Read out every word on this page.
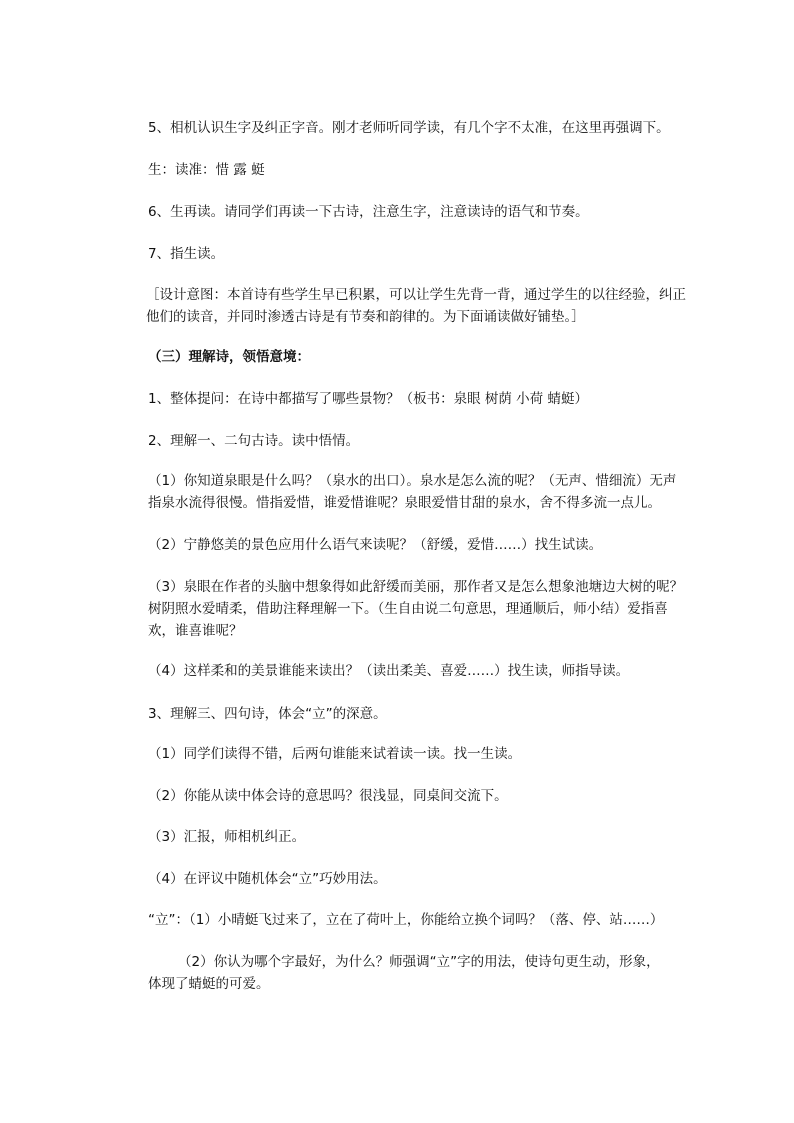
5、相机认识生字及纠正字音。刚才老师听同学读，有几个字不太准，在这里再强调下。

生：读准：惜 露 蜓

6、生再读。请同学们再读一下古诗，注意生字，注意读诗的语气和节奏。

7、指生读。

［设计意图：本首诗有些学生早已积累，可以让学生先背一背，通过学生的以往经验，纠正他们的读音，并同时渗透古诗是有节奏和韵律的。为下面诵读做好铺垫。］

（三）理解诗，领悟意境：

1、整体提问：在诗中都描写了哪些景物？（板书：泉眼 树荫 小荷 蜻蜓）

2、理解一、二句古诗。读中悟情。

（1）你知道泉眼是什么吗？（泉水的出口）。泉水是怎么流的呢？（无声、惜细流）无声指泉水流得很慢。惜指爱惜，谁爱惜谁呢？泉眼爱惜甘甜的泉水，舍不得多流一点儿。

（2）宁静悠美的景色应用什么语气来读呢？（舒缓，爱惜……）找生试读。

（3）泉眼在作者的头脑中想象得如此舒缓而美丽，那作者又是怎么想象池塘边大树的呢？树阴照水爱晴柔，借助注释理解一下。（生自由说二句意思，理通顺后，师小结）爱指喜欢，谁喜谁呢？

（4）这样柔和的美景谁能来读出？（读出柔美、喜爱……）找生读，师指导读。

3、理解三、四句诗，体会“立”的深意。

（1）同学们读得不错，后两句谁能来试着读一读。找一生读。

（2）你能从读中体会诗的意思吗？很浅显，同桌间交流下。

（3）汇报，师相机纠正。

（4）在评议中随机体会“立”巧妙用法。

“立”：（1）小晴蜓飞过来了，立在了荷叶上，你能给立换个词吗？（落、停、站……）

（2）你认为哪个字最好，为什么？师强调“立”字的用法，使诗句更生动，形象，体现了蜻蜓的可爱。
